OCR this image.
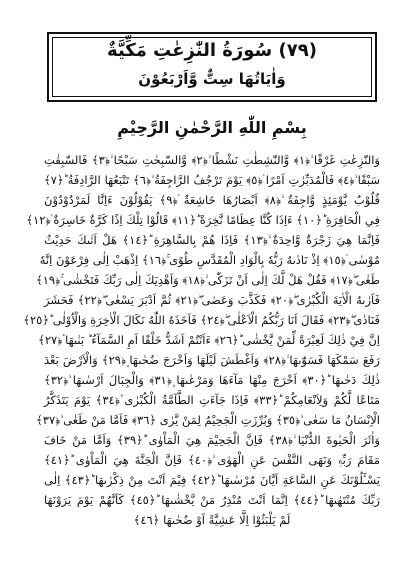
(٧٩) سُورَةُ النّٰزِعٰتِ مَكِّيَّةٌ
وَاٰيَاتُهَا سِتٌّ وَّاَرْبَعُوْنَ
بِسْمِ اللّٰهِ الرَّحْمٰنِ الرَّحِيْمِ

وَالنّٰزِعٰتِ غَرْقًا ۙ﴿١﴾ وَّالنّٰشِطٰتِ نَشْطًا ۙ﴿٢﴾ وَّالسّٰبِحٰتِ سَبْحًا ۙ﴿٣﴾ فَالسّٰبِقٰتِ

سَبْقًا ۙ﴿٤﴾ فَالْمُدَبِّرٰتِ اَمْرًا ۘ﴿٥﴾ يَوْمَ تَرْجُفُ الرَّاجِفَةُ ۙ﴿٦﴾ تَتْبَعُهَا الرَّادِفَةُ ؕ﴿٧﴾

قُلُوْبٌ يَّوْمَئِذٍ وَّاجِفَةٌ ۙ﴿٨﴾ اَبْصَارُهَا خَاشِعَةٌ ۘ﴿٩﴾ يَقُوْلُوْنَ ءَاِنَّا لَمَرْدُوْدُوْنَ

فِي الْحَافِرَةِ ؕ﴿١٠﴾ ءَاِذَا كُنَّا عِظَامًا نَّخِرَةً ؕ﴿١١﴾ قَالُوْا تِلْكَ اِذًا كَرَّةٌ خَاسِرَةٌ ۘ﴿١٢﴾

فَاِنَّمَا هِيَ زَجْرَةٌ وَّاحِدَةٌ ۙ﴿١٣﴾ فَاِذَا هُمْ بِالسَّاهِرَةِ ؕ﴿١٤﴾ هَلْ اَتٰىكَ حَدِيْثُ

مُوْسٰى ۘ﴿١٥﴾ اِذْ نَادٰىهُ رَبُّهٗ بِالْوَادِ الْمُقَدَّسِ طُوًى ۚ﴿١٦﴾ اِذْهَبْ اِلٰى فِرْعَوْنَ اِنَّهٗ

طَغٰى ۖ﴿١٧﴾ فَقُلْ هَلْ لَّكَ اِلٰى اَنْ تَزَكّٰى ۙ﴿١٨﴾ وَاَهْدِيَكَ اِلٰى رَبِّكَ فَتَخْشٰى ۚ﴿١٩﴾

فَاَرٰىهُ الْاٰيَةَ الْكُبْرٰى ۖ﴿٢٠﴾ فَكَذَّبَ وَعَصٰى ۖ﴿٢١﴾ ثُمَّ اَدْبَرَ يَسْعٰى ۖ﴿٢٢﴾ فَحَشَرَ

فَنَادٰى ۖ﴿٢٣﴾ فَقَالَ اَنَا رَبُّكُمُ الْاَعْلٰى ۖ﴿٢٤﴾ فَاَخَذَهُ اللّٰهُ نَكَالَ الْاٰخِرَةِ وَالْاُوْلٰى ؕ﴿٢٥﴾

اِنَّ فِيْ ذٰلِكَ لَعِبْرَةً لِّمَنْ يَّخْشٰى ؕ﴿٢٦﴾ ءَاَنْتُمْ اَشَدُّ خَلْقًا اَمِ السَّمَآءُ ؕ بَنٰىهَا ۟﴿٢٧﴾

رَفَعَ سَمْكَهَا فَسَوّٰىهَا ۙ﴿٢٨﴾ وَاَغْطَشَ لَيْلَهَا وَاَخْرَجَ ضُحٰىهَا ۪﴿٢٩﴾ وَالْاَرْضَ بَعْدَ

ذٰلِكَ دَحٰىهَا ؕ﴿٣٠﴾ اَخْرَجَ مِنْهَا مَآءَهَا وَمَرْعٰىهَا ۪﴿٣١﴾ وَالْجِبَالَ اَرْسٰىهَا ۙ﴿٣٢﴾

مَتَاعًا لَّكُمْ وَلِاَنْعَامِكُمْ ؕ﴿٣٣﴾ فَاِذَا جَآءَتِ الطَّآمَّةُ الْكُبْرٰى ۫﴿٣٤﴾ يَوْمَ يَتَذَكَّرُ

الْاِنْسَانُ مَا سَعٰى ۙ﴿٣٥﴾ وَبُرِّزَتِ الْجَحِيْمُ لِمَنْ يَّرٰى ﴿٣٦﴾ فَاَمَّا مَنْ طَغٰى ۙ﴿٣٧﴾

وَاٰثَرَ الْحَيٰوةَ الدُّنْيَا ۙ﴿٣٨﴾ فَاِنَّ الْجَحِيْمَ هِيَ الْمَاْوٰى ؕ﴿٣٩﴾ وَاَمَّا مَنْ خَافَ

مَقَامَ رَبِّهٖ وَنَهَى النَّفْسَ عَنِ الْهَوٰى ۙ﴿٤٠﴾ فَاِنَّ الْجَنَّةَ هِيَ الْمَاْوٰى ؕ﴿٤١﴾

يَسْـَٔلُوْنَكَ عَنِ السَّاعَةِ اَيَّانَ مُرْسٰىهَا ؕ﴿٤٢﴾ فِيْمَ اَنْتَ مِنْ ذِكْرٰىهَا ؕ﴿٤٣﴾ اِلٰى

رَبِّكَ مُنْتَهٰىهَا ؕ﴿٤٤﴾ اِنَّمَا اَنْتَ مُنْذِرُ مَنْ يَّخْشٰىهَا ؕ﴿٤٥﴾ كَاَنَّهُمْ يَوْمَ يَرَوْنَهَا

لَمْ يَلْبَثُوْا اِلَّا عَشِيَّةً اَوْ ضُحٰىهَا ﴿٤٦﴾
